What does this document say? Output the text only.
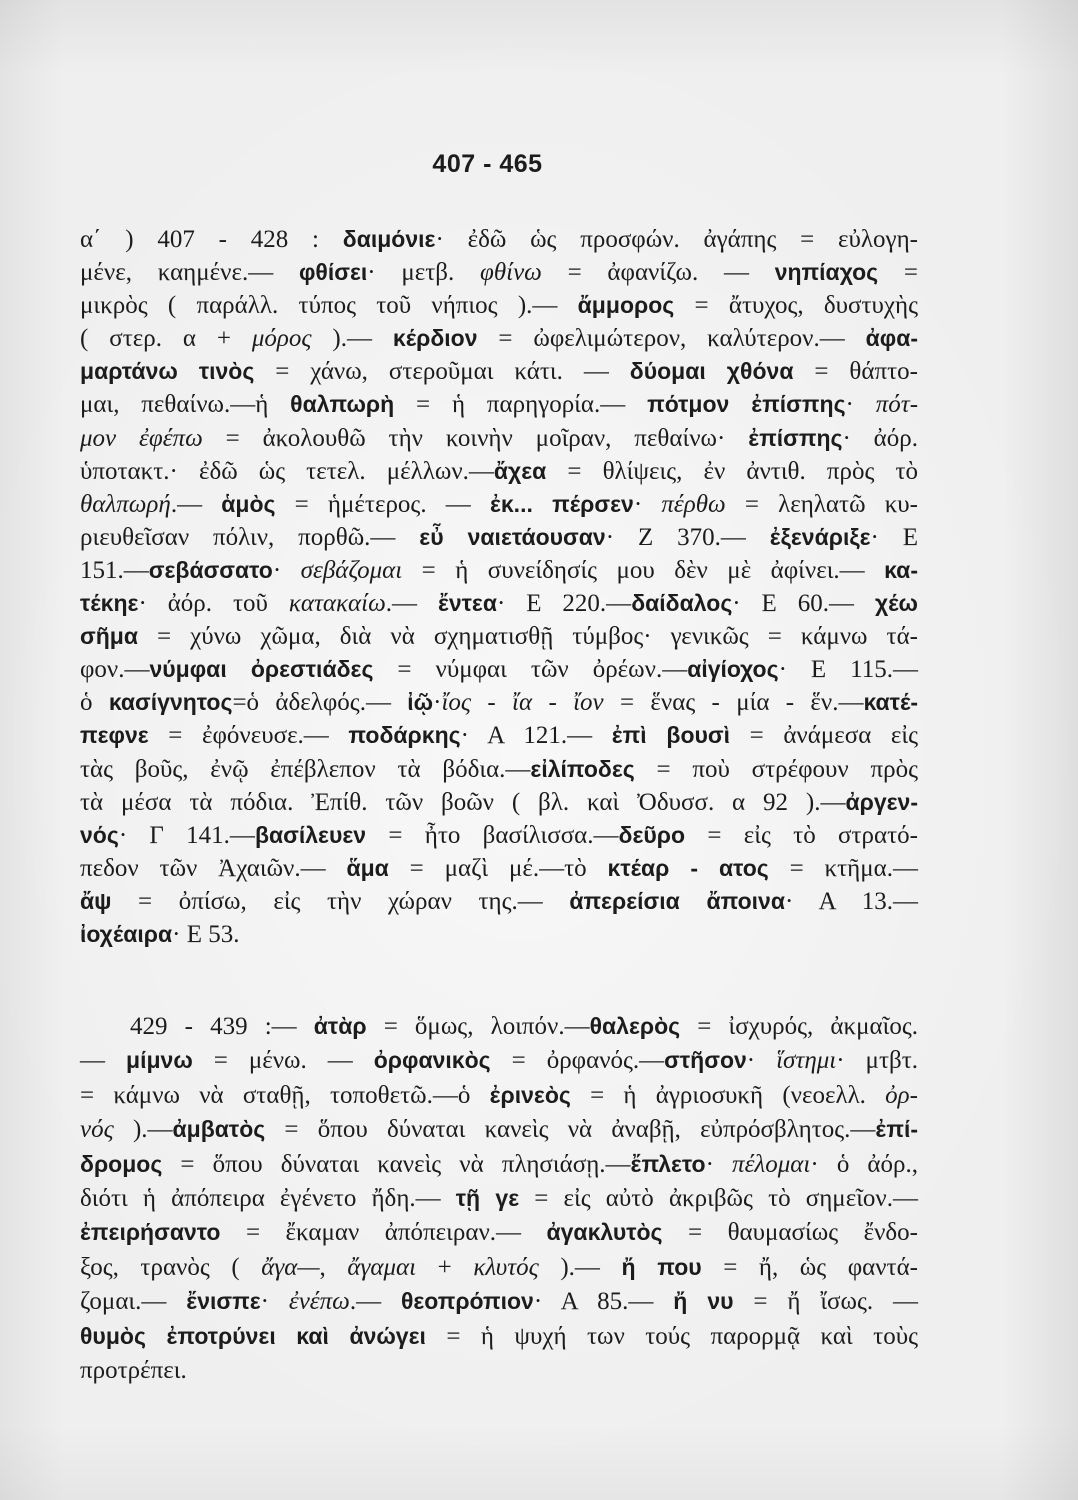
407 - 465
α΄ ) 407 - 428 : δαιμόνιε· ἐδῶ ὡς προσφών. ἀγάπης = εὐλογη-
μένε, καημένε.— φθίσει· μετβ. φθίνω = ἀφανίζω. — νηπίαχος =
μικρὸς ( παράλλ. τύπος τοῦ νήπιος ).— ἄμμορος = ἄτυχος, δυστυχὴς
( στερ. α + μόρος ).— κέρδιον = ὠφελιμώτερον, καλύτερον.— ἀφα-
μαρτάνω τινὸς = χάνω, στεροῦμαι κάτι. — δύομαι χθόνα = θάπτο-
μαι, πεθαίνω.—ἡ θαλπωρὴ = ἡ παρηγορία.— πότμον ἐπίσπης· πότ-
μον ἐφέπω = ἀκολουθῶ τὴν κοινὴν μοῖραν, πεθαίνω· ἐπίσπης· ἀόρ.
ὑποτακτ.· ἐδῶ ὡς τετελ. μέλλων.—ἄχεα = θλίψεις, ἐν ἀντιθ. πρὸς τὸ
θαλπωρή.— ἁμὸς = ἡμέτερος. — ἐκ... πέρσεν· πέρθω = λεηλατῶ κυ-
ριευθεῖσαν πόλιν, πορθῶ.— εὖ ναιετάουσαν· Ζ 370.— ἐξενάριξε· Ε
151.—σεβάσσατο· σεβάζομαι = ἡ συνείδησίς μου δὲν μὲ ἀφίνει.— κα-
τέκηε· ἀόρ. τοῦ κατακαίω.— ἔντεα· Ε 220.—δαίδαλος· Ε 60.— χέω
σῆμα = χύνω χῶμα, διὰ νὰ σχηματισθῇ τύμβος· γενικῶς = κάμνω τά-
φον.—νύμφαι ὀρεστιάδες = νύμφαι τῶν ὀρέων.—αἰγίοχος· Ε 115.—
ὁ κασίγνητος=ὁ ἀδελφός.— ἰῷ·ἴος - ἴα - ἴον = ἕνας - μία - ἕν.—κατέ-
πεφνε = ἐφόνευσε.— ποδάρκης· Α 121.— ἐπὶ βουσὶ = ἀνάμεσα εἰς
τὰς βοῦς, ἐνῷ ἐπέβλεπον τὰ βόδια.—εἰλίποδες = ποὺ στρέφουν πρὸς
τὰ μέσα τὰ πόδια. Ἐπίθ. τῶν βοῶν ( βλ. καὶ Ὀδυσσ. α 92 ).—ἀργεν-
νός· Γ 141.—βασίλευεν = ἦτο βασίλισσα.—δεῦρο = εἰς τὸ στρατό-
πεδον τῶν Ἀχαιῶν.— ἅμα = μαζὶ μέ.—τὸ κτέαρ - ατος = κτῆμα.—
ἄψ = ὀπίσω, εἰς τὴν χώραν της.— ἀπερείσια ἄποινα· Α 13.—
ἰοχέαιρα· Ε 53.
429 - 439 :— ἀτὰρ = ὅμως, λοιπόν.—θαλερὸς = ἰσχυρός, ἀκμαῖος.
— μίμνω = μένω. — ὀρφανικὸς = ὀρφανός.—στῆσον· ἵστημι· μτβτ.
= κάμνω νὰ σταθῇ, τοποθετῶ.—ὁ ἐρινεὸς = ἡ ἀγριοσυκῆ (νεοελλ. ὀρ-
νός ).—ἀμβατὸς = ὅπου δύναται κανεὶς νὰ ἀναβῇ, εὐπρόσβλητος.—ἐπί-
δρομος = ὅπου δύναται κανεὶς νὰ πλησιάσῃ.—ἔπλετο· πέλομαι· ὁ ἀόρ.,
διότι ἡ ἀπόπειρα ἐγένετο ἤδη.— τῇ γε = εἰς αὐτὸ ἀκριβῶς τὸ σημεῖον.—
ἐπειρήσαντο = ἔκαμαν ἀπόπειραν.— ἀγακλυτὸς = θαυμασίως ἔνδο-
ξος, τρανὸς ( ἄγα—, ἄγαμαι + κλυτός ).— ἤ που = ἤ, ὡς φαντά-
ζομαι.— ἔνισπε· ἐνέπω.— θεοπρόπιον· Α 85.— ἤ νυ = ἤ ἴσως. —
θυμὸς ἐποτρύνει καὶ ἀνώγει = ἡ ψυχή των τούς παρορμᾷ καὶ τοὺς
προτρέπει.
